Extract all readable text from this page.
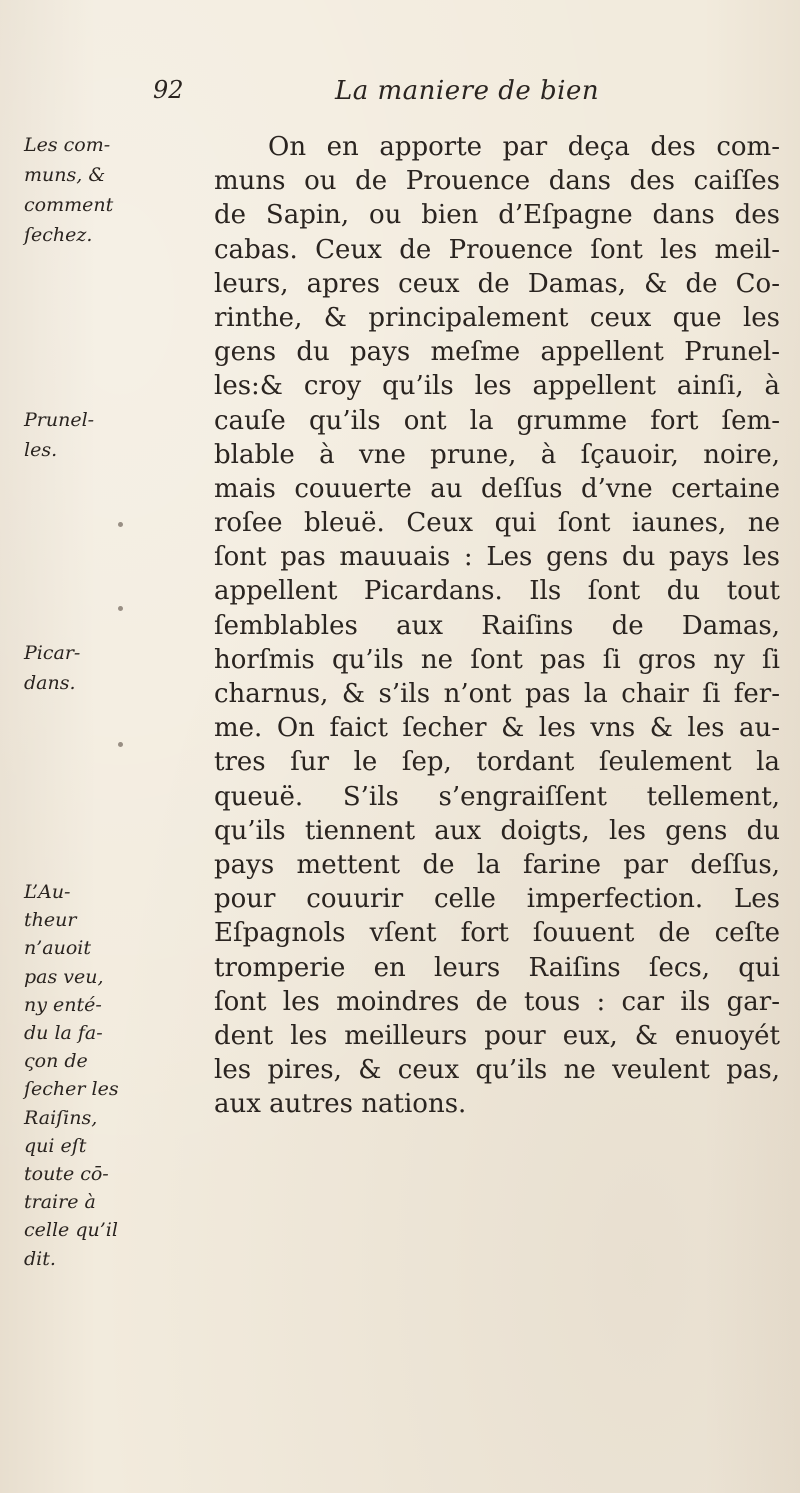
92	La maniere de bien
Les com-
muns, &
comment
ſechez.
Prunel-
les.
Picar-
dans.
L’Au-
theur
n’auoit
pas veu,
ny enté-
du la fa-
ςon de
ſecher les
Raiſins,
qui eſt
toute cō-
traire à
celle qu’il
dit.
On en apporte par deça des com-
muns ou de Prouence dans des caiſſes
de Sapin, ou bien d’Eſpagne dans des
cabas. Ceux de Prouence ſont les meil-
leurs, apres ceux de Damas, & de Co-
rinthe, & principalement ceux que les
gens du pays meſme appellent Prunel-
les:& croy qu’ils les appellent ainſi, à
cauſe qu’ils ont la grumme fort ſem-
blable à vne prune, à ſçauoir, noire,
mais couuerte au deſſus d’vne certaine
roſee bleuë. Ceux qui ſont iaunes, ne
ſont pas mauuais : Les gens du pays les
appellent Picardans. Ils ſont du tout
ſemblables aux Raiſins de Damas,
horſmis qu’ils ne ſont pas ſi gros ny ſi
charnus, & s’ils n’ont pas la chair ſi fer-
me. On faict ſecher & les vns & les au-
tres ſur le ſep, tordant ſeulement la
queuë. S’ils s’engraiſſent tellement,
qu’ils tiennent aux doigts, les gens du
pays mettent de la farine par deſſus,
pour couurir celle imperfection. Les
Eſpagnols vſent fort ſouuent de ceſte
tromperie en leurs Raiſins ſecs, qui
ſont les moindres de tous : car ils gar-
dent les meilleurs pour eux, & enuoyét
les pires, & ceux qu’ils ne veulent pas,
aux autres nations.
